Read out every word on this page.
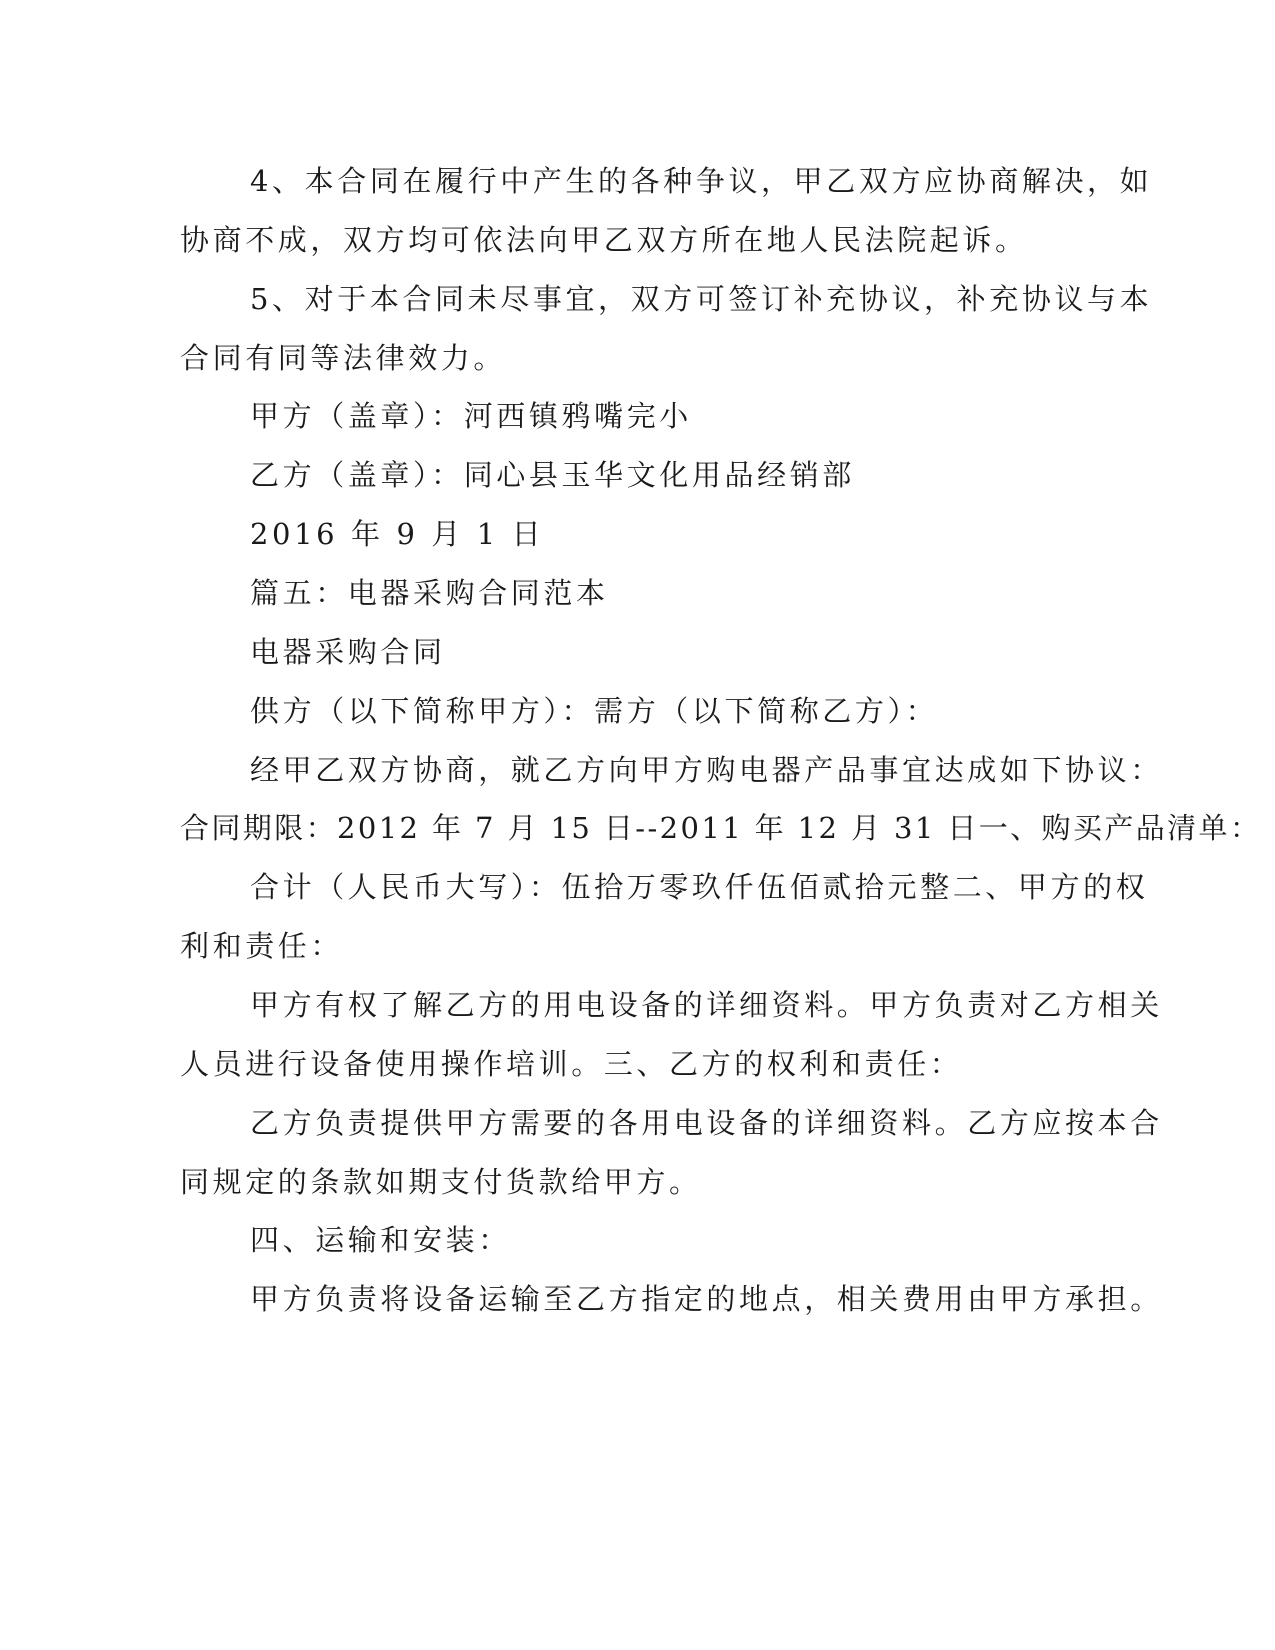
4、本合同在履行中产生的各种争议，甲乙双方应协商解决，如
协商不成，双方均可依法向甲乙双方所在地人民法院起诉。
5、对于本合同未尽事宜，双方可签订补充协议，补充协议与本
合同有同等法律效力。
甲方（盖章）：河西镇鸦嘴完小
乙方（盖章）：同心县玉华文化用品经销部
2016 年 9 月 1 日
篇五：电器采购合同范本
电器采购合同
供方（以下简称甲方）：需方（以下简称乙方）：
经甲乙双方协商，就乙方向甲方购电器产品事宜达成如下协议：
合同期限：2012 年 7 月 15 日--2011 年 12 月 31 日一、购买产品清单：
合计（人民币大写）：伍拾万零玖仟伍佰贰拾元整二、甲方的权
利和责任：
甲方有权了解乙方的用电设备的详细资料。甲方负责对乙方相关
人员进行设备使用操作培训。三、乙方的权利和责任：
乙方负责提供甲方需要的各用电设备的详细资料。乙方应按本合
同规定的条款如期支付货款给甲方。
四、运输和安装：
甲方负责将设备运输至乙方指定的地点，相关费用由甲方承担。
